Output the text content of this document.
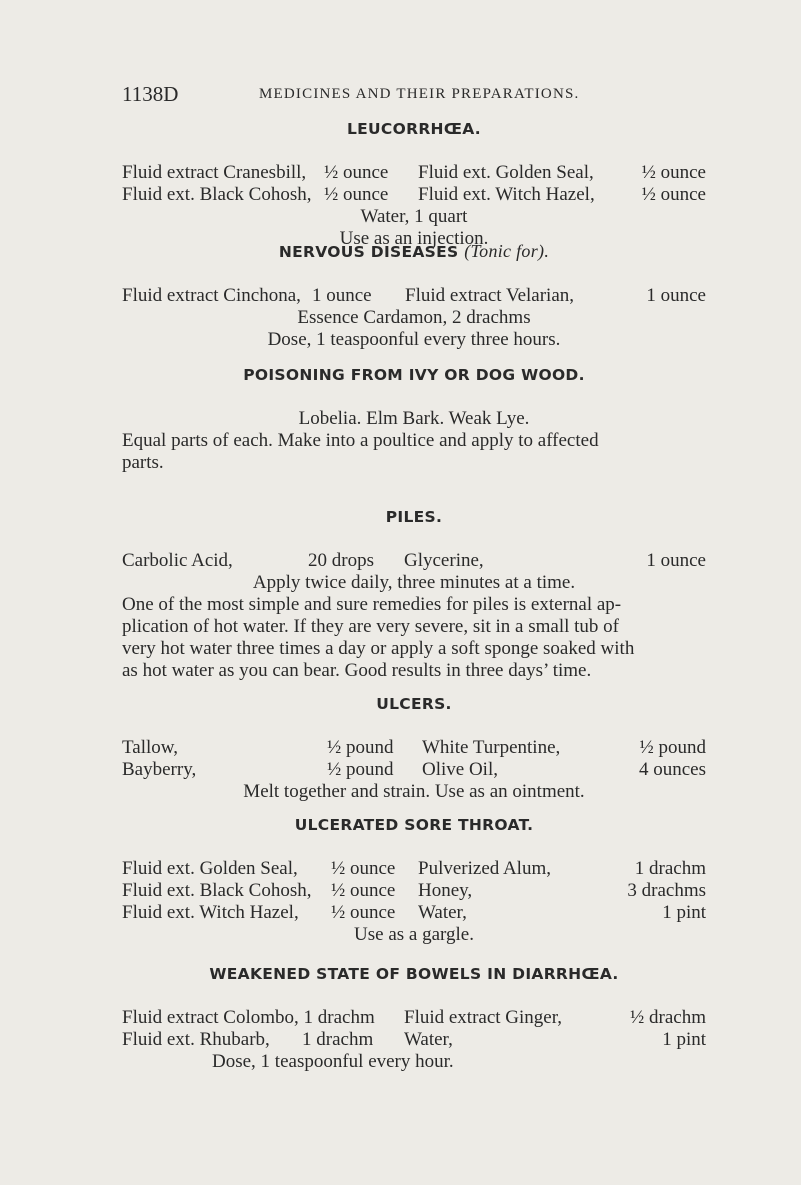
1138D	MEDICINES AND THEIR PREPARATIONS.
LEUCORRHŒA.
Fluid extract Cranesbill, ½ ounce Fluid ext. Golden Seal,	½ ounce
Fluid ext. Black Cohosh, ½ ounce Fluid ext. Witch Hazel, ½ ounce
Water, 1 quart
Use as an injection.
NERVOUS DISEASES (Tonic for).
Fluid extract Cinchona, 1 ounce Fluid extract Velarian,	1 ounce
Essence Cardamon, 2 drachms
Dose, 1 teaspoonful every three hours.
POISONING FROM IVY OR DOG WOOD.
Lobelia. Elm Bark. Weak Lye.
Equal parts of each. Make into a poultice and apply to affected
parts.
PILES.
Carbolic Acid,	20 drops Glycerine,	1 ounce
Apply twice daily, three minutes at a time.
One of the most simple and sure remedies for piles is external ap-
plication of hot water. If they are very severe, sit in a small tub of
very hot water three times a day or apply a soft sponge soaked with
as hot water as you can bear. Good results in three days’ time.
ULCERS.
Tallow,	½ pound White Turpentine,	½ pound
Bayberry,	½ pound Olive Oil,	4 ounces
Melt together and strain. Use as an ointment.
ULCERATED SORE THROAT.
Fluid ext. Golden Seal, ½ ounce Pulverized Alum,	1 drachm
Fluid ext. Black Cohosh, ½ ounce Honey,	3 drachms
Fluid ext. Witch Hazel, ½ ounce Water,	1 pint
Use as a gargle.
WEAKENED STATE OF BOWELS IN DIARRHŒA.
Fluid extract Colombo, 1 drachm Fluid extract Ginger,	½ drachm
Fluid ext. Rhubarb, 1 drachm Water,	1 pint
Dose, 1 teaspoonful every hour.
